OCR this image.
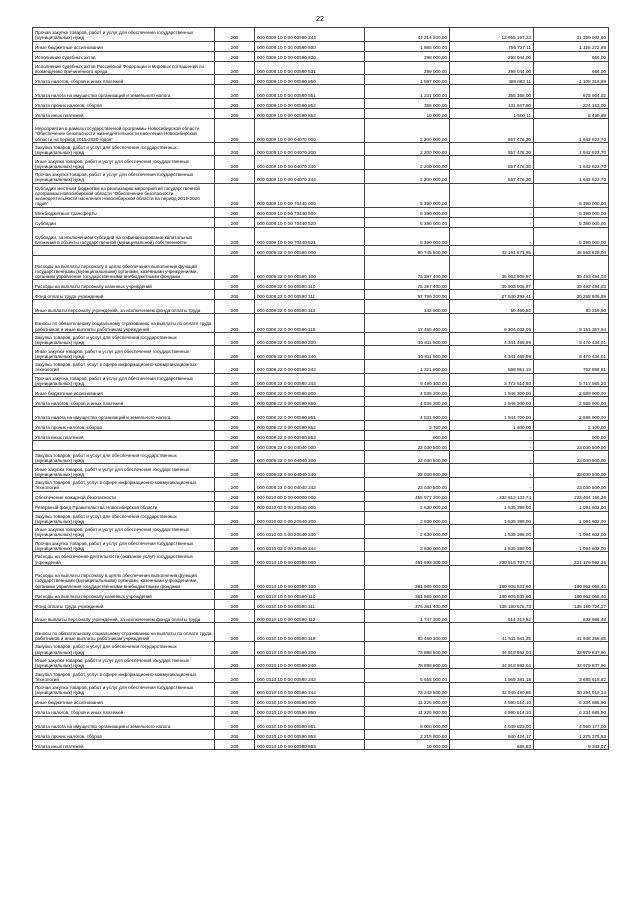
22
Прочая закупка товаров, работ и услуг для обеспечения государственных (муниципальных) нужд	200	000 0309 10 0 00 00590 244	44 314 200,00	12 955 197,34	31 359 002,66
Иные бюджетные ассигнования	200	000 0309 10 0 00 00590 800	1 885 000,00	756 727,11	1 128 272,89
Исполнение судебных актов	200	000 0309 10 0 00 00590 830	298 000,00	298 044,00	666,00
Исполнение судебных актов Российской Федерации и мировых соглашений по возмещению причиненного вреда	200	000 0309 10 0 00 00590 831	299 000,00	298 044,00	666,00
Уплата налогов, сборов и иных платежей	200	000 0309 10 0 00 00590 850	1 597 000,00	488 683,11	1 108 316,89
Уплата налога на имущество организаций и земельного налога	200	000 0309 10 0 00 00590 851	1 231 000,00	355 356,00	875 864,02
Уплата прочих налогов, сборов	200	000 0309 10 0 00 00590 852	356 000,00	131 847,50	224 153,00
Уплата иных платежей	200	000 0309 10 0 00 00590 853	10 000,00	1 500,11	8 499,89
Мероприятия в рамках государственной программы Новосибирской области "Обеспечение безопасности жизнедеятельности населения Новосибирской области на период 2015-2020 годов"	200	000 0309 10 0 00 04070 000	2 200 000,00	557 476,30	1 642 523,70
Закупка товаров, работ и услуг для обеспечения государственных (муниципальных) нужд	200	000 0309 10 0 00 04070 200	2 200 000,00	557 476,30	1 642 523,70
Иные закупки товаров, работ и услуг для обеспечения государственных (муниципальных) нужд	200	000 0309 10 0 00 04070 240	2 200 000,00	557 476,30	1 642 523,70
Прочая закупка товаров, работ и услуг для обеспечения государственных (муниципальных) нужд	200	000 0309 10 0 00 04070 244	2 200 000,00	557 476,30	1 642 523,70
Субсидии местным бюджетам на реализацию мероприятий государственной программы Новосибирской области "Обеспечение безопасности жизнедеятельности населения Новосибирской области на период 2015-2020 годов"	200	000 0309 10 0 00 70440 000	5 390 000,00	-	5 390 000,00
Межбюджетные трансферты	200	000 0309 10 0 00 70440 500	5 390 000,00	-	5 390 000,00
Субсидии	200	000 0309 10 0 00 70440 520	5 390 000,00	-	5 390 000,00
Субсидии, за исключением субсидий на софинансирование капитальных вложений в объекты государственной (муниципальной) собственности	200	000 0309 10 0 00 70440 521	5 390 000,00	-	5 390 000,00
	200	000 0309 22 0 00 00590 000	90 745 500,00	42 191 671,95	48 553 828,04
Расходы на выплаты персоналу в целях обеспечения выполнения функций государственными (муниципальными) органами, казенными учреждениями, органами управления государственными внебюджетными фондами	200	000 0309 22 0 00 00590 100	75 397 400,00	35 903 905,97	39 493 494,03
Расходы на выплаты персоналу казенных учреждений	200	000 0309 22 0 00 00590 110	75 397 400,00	35 903 905,97	39 493 494,03
Фонд оплаты труда учреждений	200	000 0309 22 0 00 00590 111	57 799 200,00	27 540 393,41	30 258 806,59
Иные выплаты персоналу учреждений, за исключением фонда оплаты труда	200	000 0309 22 0 00 00590 112	142 800,00	59 460,50	83 319,50
Взносы по обязательному социальному страхованию на выплаты по оплате труда работников и иные выплаты работникам учреждений	200	000 0309 22 0 00 00590 119	17 455 400,00	8 304 032,06	9 151 367,94
Закупка товаров, работ и услуг для обеспечения государственных (муниципальных) нужд	200	000 0309 22 0 00 00590 200	10 811 500,00	4 341 465,99	6 470 434,01
Иные закупки товаров, работ и услуг для обеспечения государственных (муниципальных) нужд	200	000 0309 22 0 00 00590 240	10 811 500,00	4 341 465,99	6 470 434,01
Закупка товаров, работ, услуг в сфере информационно-коммуникационных технологий	200	000 0309 22 0 00 00590 242	1 321 800,00	568 951,19	752 868,81
Прочая закупка товаров, работ и услуг для обеспечения государственных (муниципальных) нужд	200	000 0309 22 0 00 00590 244	9 490 100,00	3 772 514,80	5 717 565,20
Иные бюджетные ассигнования	200	000 0309 22 0 00 00590 800	4 536 200,00	1 946 300,00	2 589 900,00
Уплата налогов, сборов и иных платежей	200	000 0309 22 0 00 00590 850	4 536 200,00	1 946 300,00	2 589 900,00
Уплата налога на имущество организаций и земельного налога	200	000 0309 22 0 00 00590 851	4 531 600,00	1 944 700,00	2 586 900,00
Уплата прочих налогов, сборов	200	000 0309 22 0 00 00590 852	3 700,00	1 600,00	2 100,00
Уплата иных платежей	200	000 0309 22 0 00 00590 853	900,00	-	900,00
	200	000 0309 22 0 00 04040 000	23 030 500,00	-	23 030 500,00
Закупка товаров, работ и услуг для обеспечения государственных (муниципальных) нужд	200	000 0309 22 0 00 04040 200	23 030 500,00	-	23 030 500,00
Иные закупки товаров, работ и услуг для обеспечения государственных (муниципальных) нужд	200	000 0309 22 0 00 04040 240	23 030 500,00	-	23 030 500,00
Закупка товаров, работ, услуг в сфере информационно-коммуникационных технологий	200	000 0309 22 0 00 04040 242	23 030 500,00	-	23 030 500,00
Обеспечение пожарной безопасности	200	000 0310 00 0 00 00000 000	455 977 200,00	232 513 133,74	223 464 166,26
Резервный фонд Правительства Новосибирской области	200	000 0310 03 0 00 20540 000	2 630 000,00	1 535 398,00	1 094 602,00
Закупка товаров, работ и услуг для обеспечения государственных (муниципальных) нужд	200	000 0310 03 0 00 20540 200	2 630 000,00	1 535 398,00	1 094 602,00
Иные закупки товаров, работ и услуг для обеспечения государственных (муниципальных) нужд	200	000 0310 03 0 00 20540 240	2 630 000,00	1 535 398,00	1 094 602,00
Прочая закупка товаров, работ и услуг для обеспечения государственных (муниципальных) нужд	200	000 0310 03 0 00 20540 244	2 630 000,00	1 535 398,00	1 094 602,00
Расходы на обеспечение деятельности (оказание услуг) государственных учреждений	200	000 0310 10 0 00 00590 000	451 693 300,00	230 516 707,74	221 176 592,26
Расходы на выплаты персоналу в целях обеспечения выполнения функций государственными (муниципальными) органами, казенными учреждениями, органами управления государственными внебюджетными фондами	200	000 0310 10 0 00 00590 100	361 569 000,00	180 606 531,60	180 962 068,40
Расходы на выплаты персоналу казенных учреждений	200	000 0310 10 0 00 00590 110	361 569 000,00	180 606 531,60	180 962 068,40
Фонд оплаты труда учреждений	200	000 0310 10 0 00 00590 111	276 361 400,00	138 180 675,73	138 180 724,27
Иные выплаты персоналу учреждений, за исключением фонда оплаты труда	200	000 0310 10 0 00 00590 112	1 747 300,00	914 313,52	832 986,48
Взносы по обязательному социальному страхованию на выплаты по оплате труда работников и иные выплаты работникам учреждений	200	000 0310 10 0 00 00590 119	83 460 300,00	41 511 941,35	41 948 358,65
Закупка товаров, работ и услуг для обеспечения государственных (муниципальных) нужд	200	000 0310 10 0 00 00590 200	78 898 500,00	44 918 662,04	33 979 837,96
Иные закупки товаров, работ и услуг для обеспечения государственных (муниципальных) нужд	200	000 0310 10 0 00 00590 240	78 898 500,00	44 918 662,04	33 979 837,96
Закупка товаров, работ, услуг в сфере информационно-коммуникационных технологий	200	000 0310 10 0 00 00590 242	5 655 000,00	1 969 381,18	3 685 618,82
Прочая закупка товаров, работ и услуг для обеспечения государственных (муниципальных) нужд	200	000 0310 10 0 00 00590 244	73 243 500,00	42 949 480,86	30 294 019,14
Иные бюджетные ассигнования	200	000 0310 10 0 00 00590 800	11 225 800,00	4 990 514,10	6 234 685,90
Уплата налогов, сборов и иных платежей	200	000 0310 10 0 00 00590 850	11 225 800,00	4 990 514,10	6 234 685,90
Уплата налога на имущество организаций и земельного налога	200	000 0310 10 0 00 00590 851	9 000 000,00	4 049 823,00	4 950 177,00
Уплата прочих налогов, сборов	200	000 0310 10 0 00 00590 852	2 215 800,00	940 424,17	1 275 375,83
Уплата иных платежей	200	000 0310 10 0 00 00590 853	10 000,00	666,93	9 333,07
